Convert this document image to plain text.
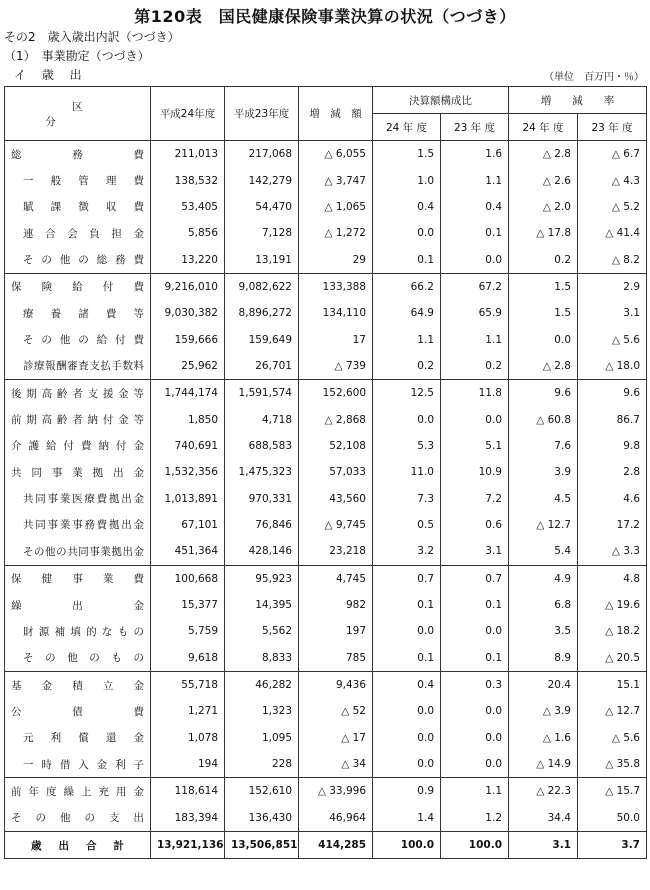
第120表　国民健康保険事業決算の状況（つづき）
その2　歳入歳出内訳（つづき）
（1）　事業勘定（つづき）
イ 歳 出	（単位　百万円・％）
区分	平成24年度	平成23年度	増　減　額	決算額構成比		増　　減　　率	
				24 年 度	23 年 度	24 年 度	23 年 度
総務費	211,013	217,068	△ 6,055	1.5	1.6	△ 2.8	△ 6.7
一般管理費	138,532	142,279	△ 3,747	1.0	1.1	△ 2.6	△ 4.3
賦課徴収費	53,405	54,470	△ 1,065	0.4	0.4	△ 2.0	△ 5.2
連合会負担金	5,856	7,128	△ 1,272	0.0	0.1	△ 17.8	△ 41.4
その他の総務費	13,220	13,191	29	0.1	0.0	0.2	△ 8.2
保険給付費	9,216,010	9,082,622	133,388	66.2	67.2	1.5	2.9
療養諸費等	9,030,382	8,896,272	134,110	64.9	65.9	1.5	3.1
その他の給付費	159,666	159,649	17	1.1	1.1	0.0	△ 5.6
診療報酬審査支払手数料	25,962	26,701	△ 739	0.2	0.2	△ 2.8	△ 18.0
後期高齢者支援金等	1,744,174	1,591,574	152,600	12.5	11.8	9.6	9.6
前期高齢者納付金等	1,850	4,718	△ 2,868	0.0	0.0	△ 60.8	86.7
介護給付費納付金	740,691	688,583	52,108	5.3	5.1	7.6	9.8
共同事業拠出金	1,532,356	1,475,323	57,033	11.0	10.9	3.9	2.8
共同事業医療費拠出金	1,013,891	970,331	43,560	7.3	7.2	4.5	4.6
共同事業事務費拠出金	67,101	76,846	△ 9,745	0.5	0.6	△ 12.7	17.2
その他の共同事業拠出金	451,364	428,146	23,218	3.2	3.1	5.4	△ 3.3
保健事業費	100,668	95,923	4,745	0.7	0.7	4.9	4.8
繰出金	15,377	14,395	982	0.1	0.1	6.8	△ 19.6
財源補填的なもの	5,759	5,562	197	0.0	0.0	3.5	△ 18.2
その他のもの	9,618	8,833	785	0.1	0.1	8.9	△ 20.5
基金積立金	55,718	46,282	9,436	0.4	0.3	20.4	15.1
公債費	1,271	1,323	△ 52	0.0	0.0	△ 3.9	△ 12.7
元利償還金	1,078	1,095	△ 17	0.0	0.0	△ 1.6	△ 5.6
一時借入金利子	194	228	△ 34	0.0	0.0	△ 14.9	△ 35.8
前年度繰上充用金	118,614	152,610	△ 33,996	0.9	1.1	△ 22.3	△ 15.7
その他の支出	183,394	136,430	46,964	1.4	1.2	34.4	50.0
歳出合計	13,921,136	13,506,851	414,285	100.0	100.0	3.1	3.7
